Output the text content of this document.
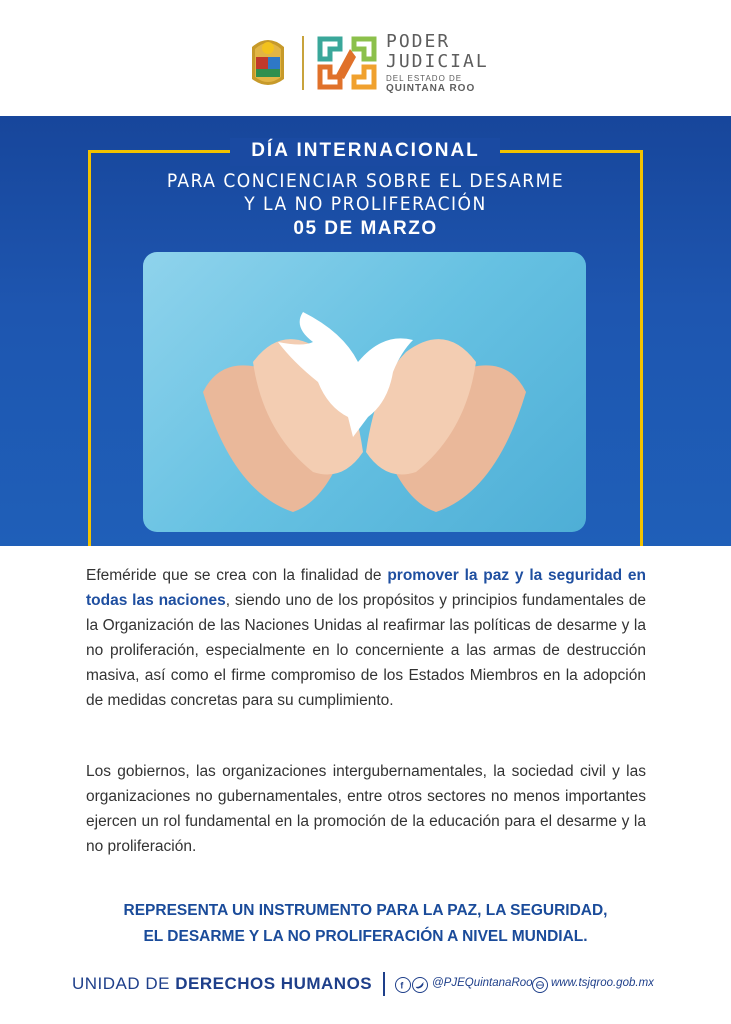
PODER
JUDICIAL
DEL ESTADO DE
QUINTANA ROO
DÍA INTERNACIONAL
PARA CONCIENCIAR SOBRE EL DESARME
Y LA NO PROLIFERACIÓN
05 DE MARZO
Efeméride que se crea con la finalidad de promover la paz y la seguridad en todas las naciones, siendo uno de los propósitos y principios fundamentales de la Organización de las Naciones Unidas al reafirmar las políticas de desarme y la no proliferación, especialmente en lo concerniente a las armas de destrucción masiva, así como el firme compromiso de los Estados Miembros en la adopción de medidas concretas para su cumplimiento.
Los gobiernos, las organizaciones intergubernamentales, la sociedad civil y las organizaciones no gubernamentales, entre otros sectores no menos importantes ejercen un rol fundamental en la promoción de la educación para el desarme y la no proliferación.
REPRESENTA UN INSTRUMENTO PARA LA PAZ, LA SEGURIDAD,
EL DESARME Y LA NO PROLIFERACIÓN A NIVEL MUNDIAL.
UNIDAD DE DERECHOS HUMANOS	f @PJEQuintanaRoo www.tsjqroo.gob.mx
